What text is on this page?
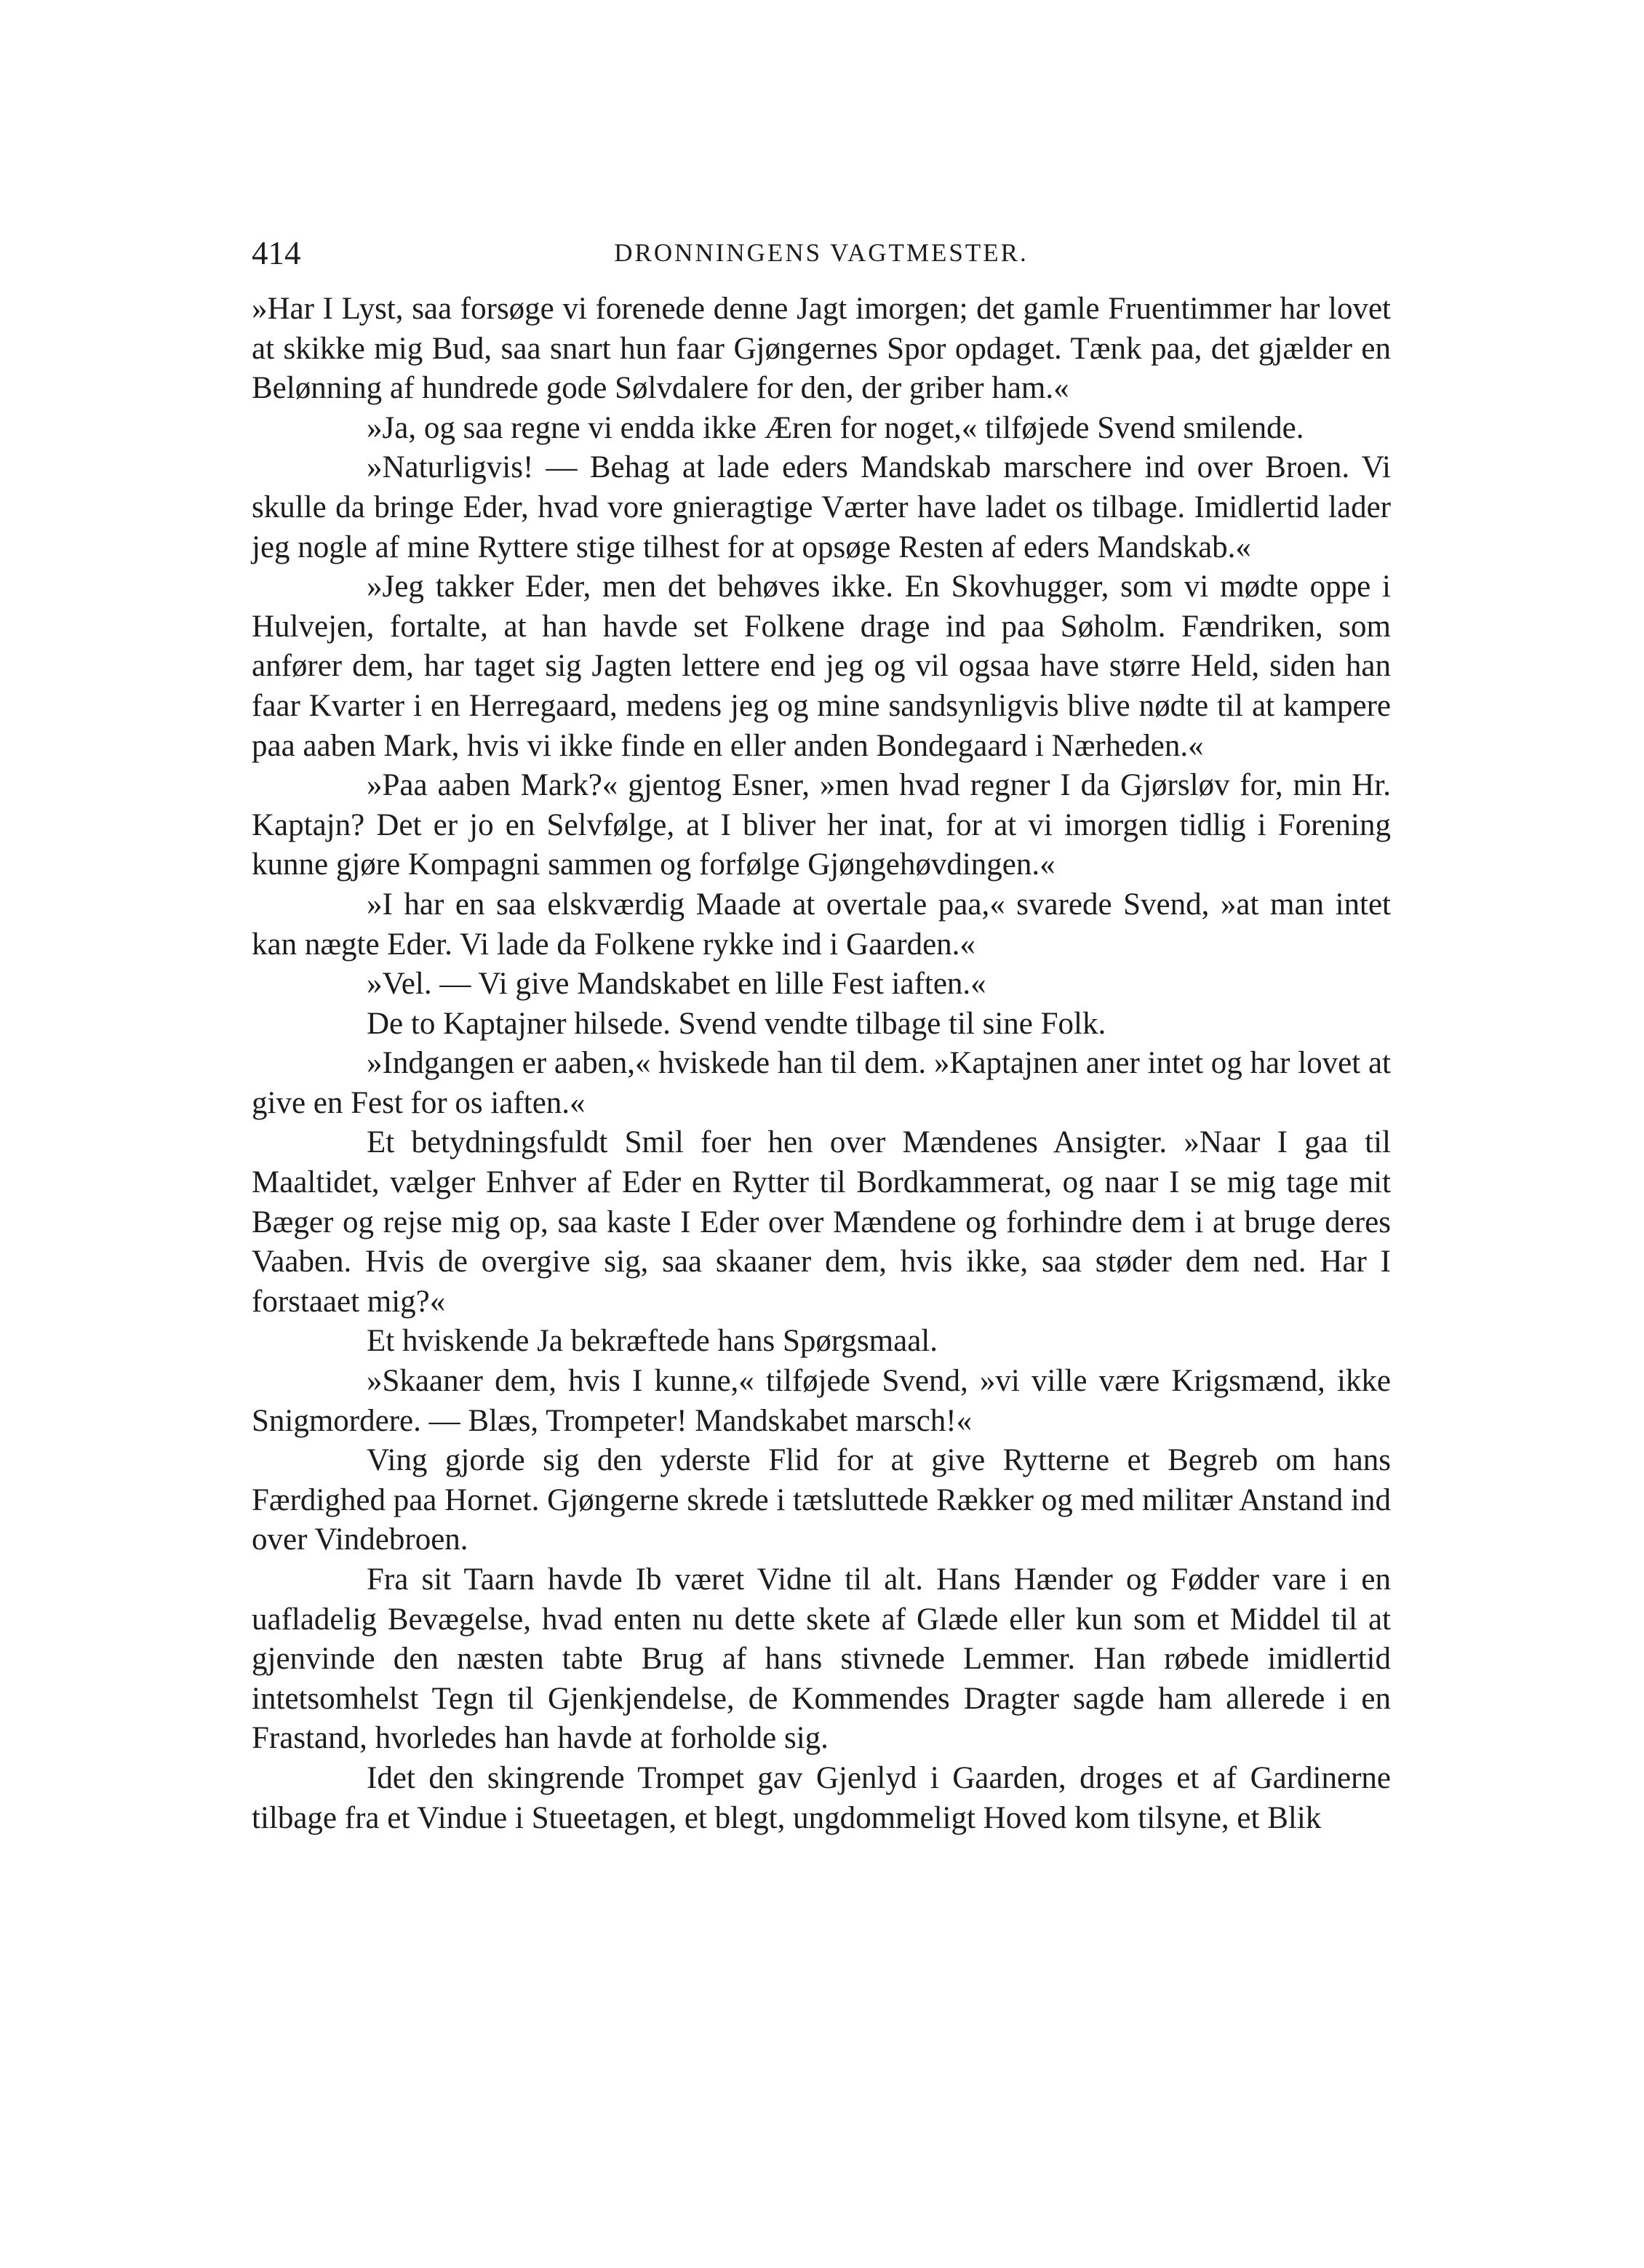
414	DRONNINGENS VAGTMESTER.

»Har I Lyst, saa forsøge vi forenede denne Jagt imorgen; det gamle Fruentimmer har lovet at skikke mig Bud, saa snart hun faar Gjøngernes Spor opdaget. Tænk paa, det gjælder en Belønning af hundrede gode Sølvdalere for den, der griber ham.«

»Ja, og saa regne vi endda ikke Æren for noget,« tilføjede Svend smilende.

»Naturligvis! — Behag at lade eders Mandskab marschere ind over Broen. Vi skulle da bringe Eder, hvad vore gnieragtige Værter have ladet os tilbage. Imidlertid lader jeg nogle af mine Ryttere stige tilhest for at opsøge Resten af eders Mandskab.«

»Jeg takker Eder, men det behøves ikke. En Skovhugger, som vi mødte oppe i Hulvejen, fortalte, at han havde set Folkene drage ind paa Søholm. Fændriken, som anfører dem, har taget sig Jagten lettere end jeg og vil ogsaa have større Held, siden han faar Kvarter i en Herregaard, medens jeg og mine sandsynligvis blive nødte til at kampere paa aaben Mark, hvis vi ikke finde en eller anden Bondegaard i Nærheden.«

»Paa aaben Mark?« gjentog Esner, »men hvad regner I da Gjørsløv for, min Hr. Kaptajn? Det er jo en Selvfølge, at I bliver her inat, for at vi imorgen tidlig i Forening kunne gjøre Kompagni sammen og forfølge Gjøngehøvdingen.«

»I har en saa elskværdig Maade at overtale paa,« svarede Svend, »at man intet kan nægte Eder. Vi lade da Folkene rykke ind i Gaarden.«

»Vel. — Vi give Mandskabet en lille Fest iaften.«

De to Kaptajner hilsede. Svend vendte tilbage til sine Folk.

»Indgangen er aaben,« hviskede han til dem. »Kaptajnen aner intet og har lovet at give en Fest for os iaften.«

Et betydningsfuldt Smil foer hen over Mændenes Ansigter. »Naar I gaa til Maaltidet, vælger Enhver af Eder en Rytter til Bordkammerat, og naar I se mig tage mit Bæger og rejse mig op, saa kaste I Eder over Mændene og forhindre dem i at bruge deres Vaaben. Hvis de overgive sig, saa skaaner dem, hvis ikke, saa støder dem ned. Har I forstaaet mig?«

Et hviskende Ja bekræftede hans Spørgsmaal.

»Skaaner dem, hvis I kunne,« tilføjede Svend, »vi ville være Krigsmænd, ikke Snigmordere. — Blæs, Trompeter! Mandskabet marsch!«

Ving gjorde sig den yderste Flid for at give Rytterne et Begreb om hans Færdighed paa Hornet. Gjøngerne skrede i tætsluttede Rækker og med militær Anstand ind over Vindebroen.

Fra sit Taarn havde Ib været Vidne til alt. Hans Hænder og Fødder vare i en uafladelig Bevægelse, hvad enten nu dette skete af Glæde eller kun som et Middel til at gjenvinde den næsten tabte Brug af hans stivnede Lemmer. Han røbede imidlertid intetsomhelst Tegn til Gjenkjendelse, de Kommendes Dragter sagde ham allerede i en Frastand, hvorledes han havde at forholde sig.

Idet den skingrende Trompet gav Gjenlyd i Gaarden, droges et af Gardinerne tilbage fra et Vindue i Stueetagen, et blegt, ungdommeligt Hoved kom tilsyne, et Blik
